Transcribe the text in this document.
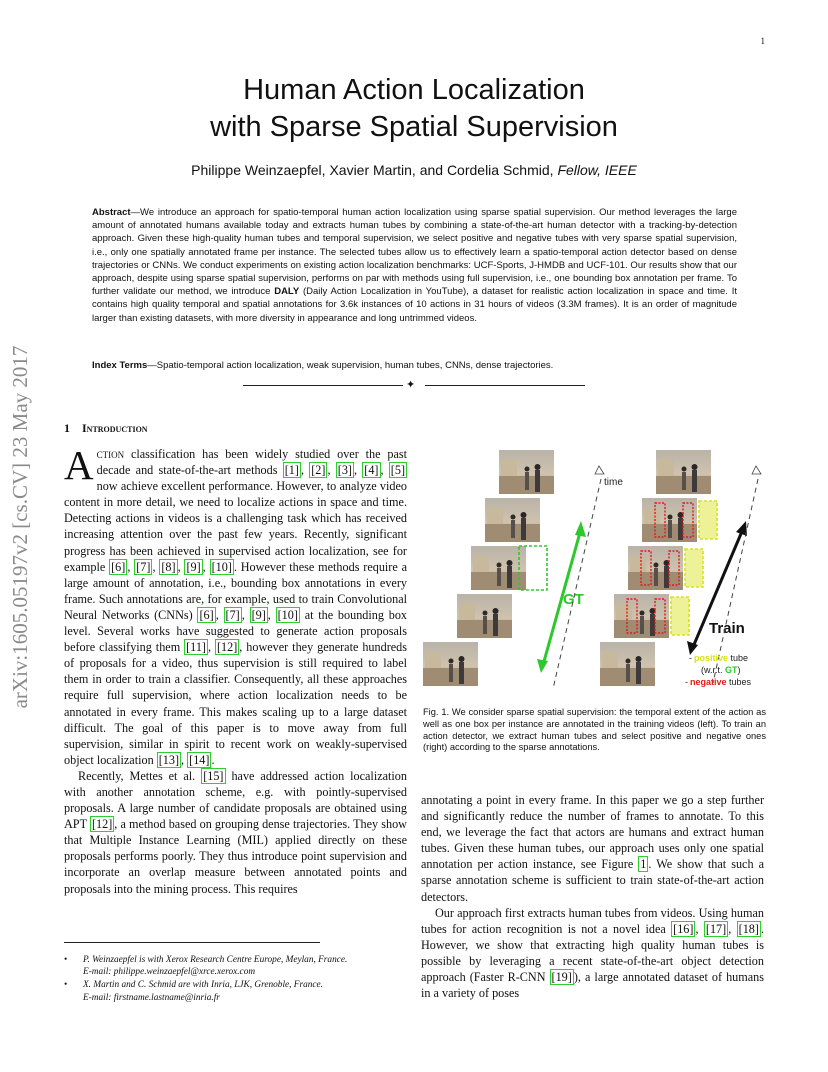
1
Human Action Localization
with Sparse Spatial Supervision
Philippe Weinzaepfel, Xavier Martin, and Cordelia Schmid, Fellow, IEEE
Abstract—We introduce an approach for spatio-temporal human action localization using sparse spatial supervision. Our method leverages the large amount of annotated humans available today and extracts human tubes by combining a state-of-the-art human detector with a tracking-by-detection approach. Given these high-quality human tubes and temporal supervision, we select positive and negative tubes with very sparse spatial supervision, i.e., only one spatially annotated frame per instance. The selected tubes allow us to effectively learn a spatio-temporal action detector based on dense trajectories or CNNs. We conduct experiments on existing action localization benchmarks: UCF-Sports, J-HMDB and UCF-101. Our results show that our approach, despite using sparse spatial supervision, performs on par with methods using full supervision, i.e., one bounding box annotation per frame. To further validate our method, we introduce DALY (Daily Action Localization in YouTube), a dataset for realistic action localization in space and time. It contains high quality temporal and spatial annotations for 3.6k instances of 10 actions in 31 hours of videos (3.3M frames). It is an order of magnitude larger than existing datasets, with more diversity in appearance and long untrimmed videos.
Index Terms—Spatio-temporal action localization, weak supervision, human tubes, CNNs, dense trajectories.
✦
arXiv:1605.05197v2 [cs.CV] 23 May 2017	1 Introduction

Action classification has been widely studied over the past decade and state-of-the-art methods [1] , [2] , [3] , [4] , [5] now achieve excellent performance. However, to analyze video content in more detail, we need to localize actions in space and time. Detecting actions in videos is a challenging task which has received increasing attention over the past few years. Recently, significant progress has been achieved in supervised action localization, see for example [6] , [7] , [8] , [9] , [10] . However these methods require a large amount of annotation, i.e., bounding box annotations in every frame. Such annotations are, for example, used to train Convolutional Neural Networks (CNNs) [6] , [7] , [9] , [10] at the bounding box level. Several works have suggested to generate action proposals before classifying them [11] , [12] , however they generate hundreds of proposals for a video, thus supervision is still required to label them in order to train a classifier. Consequently, all these approaches require full supervision, where action localization needs to be annotated in every frame. This makes scaling up to a large dataset difficult. The goal of this paper is to move away from full supervision, similar in spirit to recent work on weakly-supervised object localization [13] , [14] .

Recently, Mettes et al. [15] have addressed action localization with another annotation scheme, e.g. with pointly-supervised proposals. A large number of candidate proposals are obtained using APT [12] , a method based on grouping dense trajectories. They show that Multiple Instance Learning (MIL) applied directly on these proposals performs poorly. They thus introduce point supervision and incorporate an overlap measure between annotated points and proposals into the mining process. This requires

• P. Weinzaepfel is with Xerox Research Centre Europe, Meylan, France.
E-mail: philippe.weinzaepfel@xrce.xerox.com
• X. Martin and C. Schmid are with Inria, LJK, Grenoble, France.
E-mail: firstname.lastname@inria.fr
GT
time
Train
- positive tube
(w.r.t. GT)
- negative tubes
Fig. 1. We consider sparse spatial supervision: the temporal extent of the action as well as one box per instance are annotated in the training videos (left). To train an action detector, we extract human tubes and select positive and negative ones (right) according to the sparse annotations.

annotating a point in every frame. In this paper we go a step further and significantly reduce the number of frames to annotate. To this end, we leverage the fact that actors are humans and extract human tubes. Given these human tubes, our approach uses only one spatial annotation per action instance, see Figure 1 . We show that such a sparse annotation scheme is sufficient to train state-of-the-art action detectors.

Our approach first extracts human tubes from videos. Using human tubes for action recognition is not a novel idea [16] , [17] , [18] . However, we show that extracting high quality human tubes is possible by leveraging a recent state-of-the-art object detection approach (Faster R-CNN [19] ), a large annotated dataset of humans in a variety of poses
